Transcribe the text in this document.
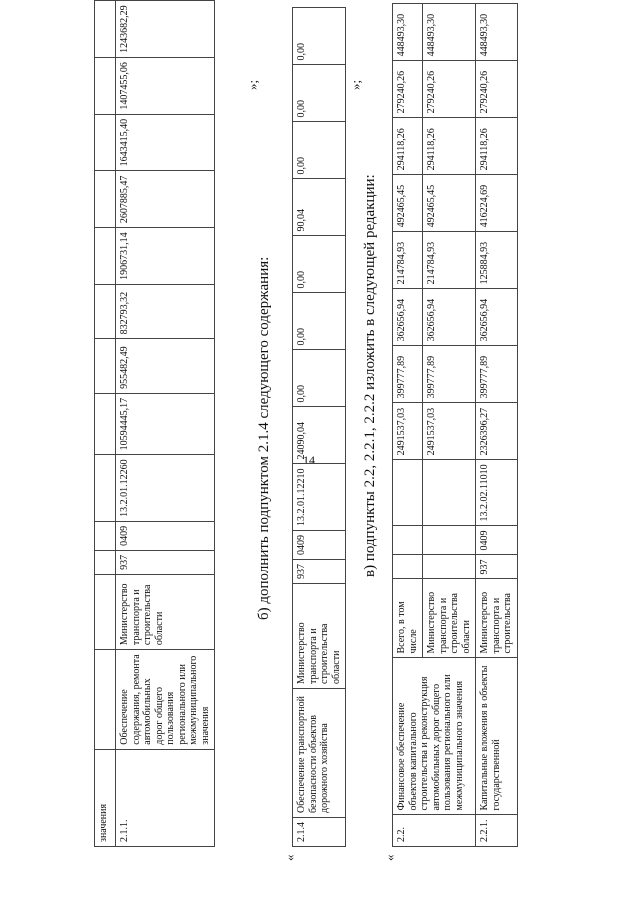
14
значения													
2.1.1.	Обеспечение содержания, ремонта автомобильных дорог общего пользования регионального или межмуниципального значения	Министерство транспорта и строительства области	937	0409	13.2.01.12260	10594445,17	955482,49	832793,32	1906731,14	2607885,47	1643415,40	1407455,06	1243682,29
»;
б) дополнить подпунктом 2.1.4 следующего содержания:
«
2.1.4	Обеспечение транспортной безопасности объектов дорожного хозяйства	Министерство транспорта и строительства области	937	0409	13.2.01.12210	24090,04	0,00	0,00	0,00	90,04	0,00	0,00	0,00
»;
в) подпункты 2.2, 2.2.1, 2.2.2 изложить в следующей редакции:
«
2.2.	Финансовое обеспечение объектов капитального строительства и реконструкция автомобильных дорог общего пользования регионального или межмуниципального значения	Всего, в том числе				2491537,03	399777,89	362656,94	214784,93	492465,45	294118,26	279240,26	448493,30
		Министерство транспорта и строительства области				2491537,03	399777,89	362656,94	214784,93	492465,45	294118,26	279240,26	448493,30
2.2.1.	Капитальные вложения в объекты государственной	Министерство транспорта и строительства	937	0409	13.2.02.11010	2326396,27	399777,89	362656,94	125884,93	416224,69	294118,26	279240,26	448493,30
